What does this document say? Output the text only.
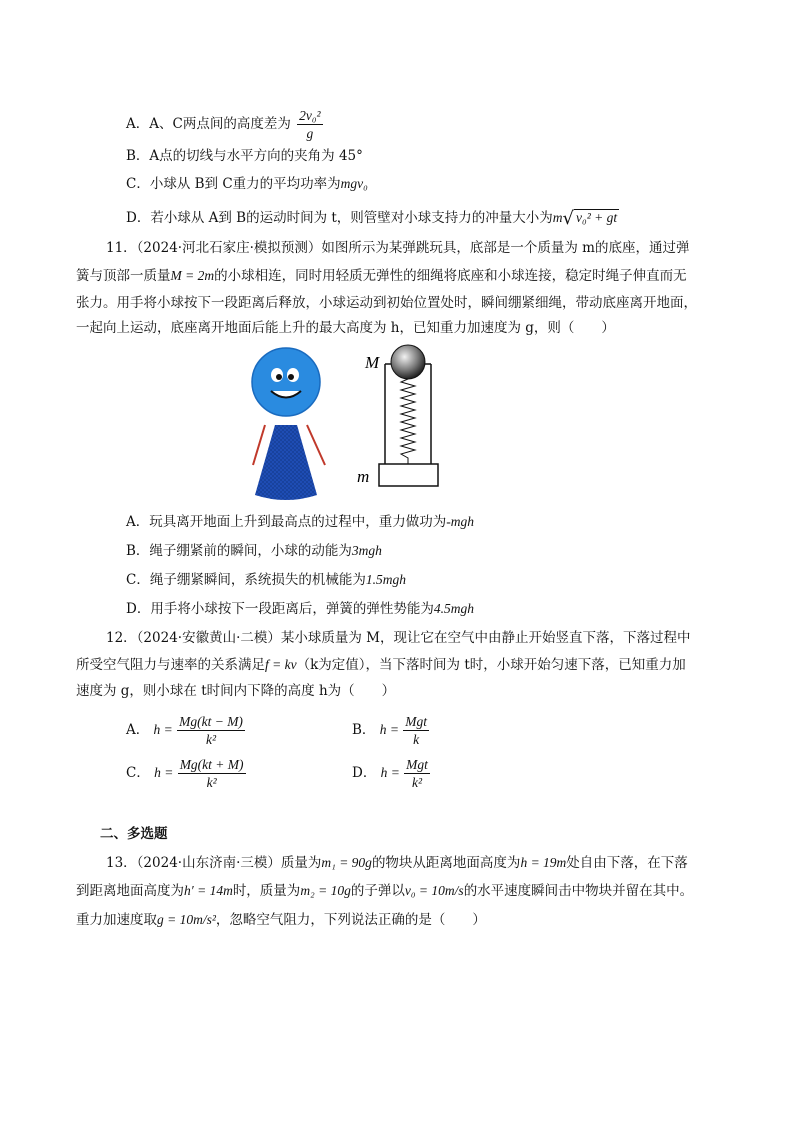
A．A、C两点间的高度差为 $\frac{\text{2v₀²}}{g}$
B．A点的切线与水平方向的夹角为 45°
C．小球从 B到 C重力的平均功率为mgv₀
D．若小球从 A到 B的运动时间为 t，则管壁对小球支持力的冲量大小为m√ v₀² + gt
11．（2024·河北石家庄·模拟预测）如图所示为某弹跳玩具，底部是一个质量为 m的底座，通过弹
簧与顶部一质量M = 2m的小球相连，同时用轻质无弹性的细绳将底座和小球连接，稳定时绳子伸直而无
张力。用手将小球按下一段距离后释放，小球运动到初始位置处时，瞬间绷紧细绳，带动底座离开地面，
一起向上运动，底座离开地面后能上升的最大高度为 h，已知重力加速度为 g，则（　　）
M
m
A．玩具离开地面上升到最高点的过程中，重力做功为-mgh
B．绳子绷紧前的瞬间，小球的动能为3mgh
C．绳子绷紧瞬间，系统损失的机械能为1.5mgh
D．用手将小球按下一段距离后，弹簧的弹性势能为4.5mgh
12．（2024·安徽黄山·二模）某小球质量为 M，现让它在空气中由静止开始竖直下落，下落过程中
所受空气阻力与速率的关系满足f = kv（k为定值），当下落时间为 t时，小球开始匀速下落，已知重力加
速度为 g，则小球在 t时间内下降的高度 h为（　　）
A． $h = \frac{Mg(kt - M)}{\text{k²}}$	B． $h = \frac{\text{Mgt}}{k}$
C． $h = \frac{Mg(kt + M)}{\text{k²}}$	D． $h = \frac{\text{Mgt}}{\text{k²}}$
二、多选题
13．（2024·山东济南·三模）质量为m₁ = 90g的物块从距离地面高度为h = 19m处自由下落，在下落
到距离地面高度为h′ = 14m时，质量为m₂ = 10g的子弹以v₀ = 10m/s的水平速度瞬间击中物块并留在其中。
重力加速度取g = 10m/s²，忽略空气阻力，下列说法正确的是（　　）
